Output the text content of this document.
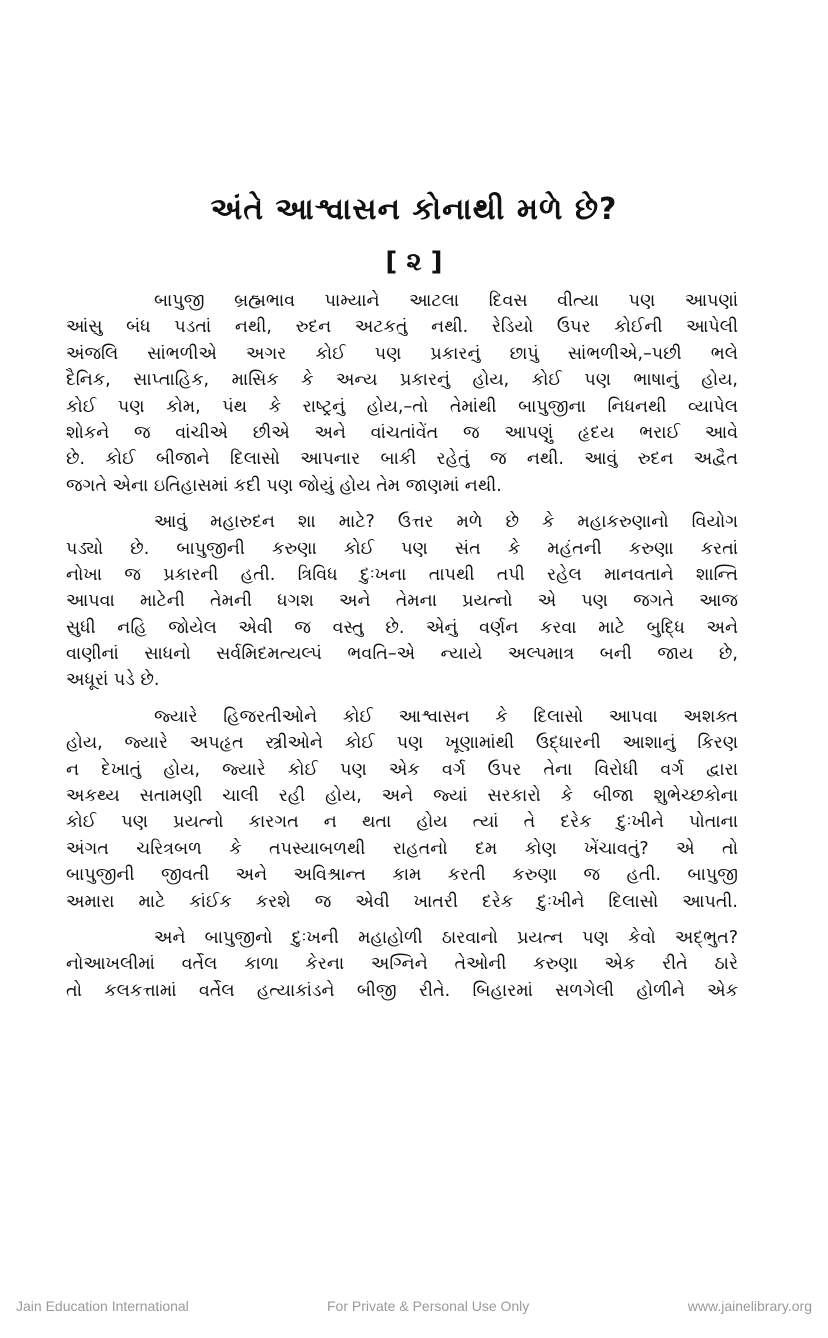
અંતે આશ્વાસન કોનાથી મળે છે?
[ ૨ ]

બાપુજી બ્રહ્મભાવ પામ્યાને આટલા દિવસ વીત્યા પણ આપણાં
આંસુ બંધ પડતાં નથી, રુદન અટકતું નથી. રેડિયો ઉપર કોઈની આપેલી
અંજલિ સાંભળીએ અગર કોઈ પણ પ્રકારનું છાપું સાંભળીએ,–પછી ભલે
દૈનિક, સાપ્તાહિક, માસિક કે અન્ય પ્રકારનું હોય, કોઈ પણ ભાષાનું હોય,
કોઈ પણ કોમ, પંથ કે રાષ્ટ્રનું હોય,–તો તેમાંથી બાપુજીના નિધનથી વ્યાપેલ
શોકને જ વાંચીએ છીએ અને વાંચતાંવેંત જ આપણું હૃદય ભરાઈ આવે
છે. કોઈ બીજાને દિલાસો આપનાર બાકી રહેતું જ નથી. આવું રુદન અદ્વૈત
જગતે એના ઇતિહાસમાં કદી પણ જોયું હોય તેમ જાણમાં નથી.

આવું મહારુદન શા માટે? ઉત્તર મળે છે કે મહાકરુણાનો વિયોગ
પડ્યો છે. બાપુજીની કરુણા કોઈ પણ સંત કે મહંતની કરુણા કરતાં
નોખા જ પ્રકારની હતી. ત્રિવિધ દુઃખના તાપથી તપી રહેલ માનવતાને શાન્તિ
આપવા માટેની તેમની ધગશ અને તેમના પ્રયત્નો એ પણ જગતે આજ
સુધી નહિ જોયેલ એવી જ વસ્તુ છે. એનું વર્ણન કરવા માટે બુદ્ધિ અને
વાણીનાં સાધનો સર્વમિદમત્યલ્પં ભવતિ–એ ન્યાયે અલ્પમાત્ર બની જાય છે,
અધૂરાં પડે છે.

જ્યારે હિજરતીઓને કોઈ આશ્વાસન કે દિલાસો આપવા અશક્ત
હોય, જ્યારે અપહૃત સ્ત્રીઓને કોઈ પણ ખૂણામાંથી ઉદ્ધારની આશાનું કિરણ
ન દેખાતું હોય, જ્યારે કોઈ પણ એક વર્ગ ઉપર તેના વિરોધી વર્ગ દ્વારા
અકથ્ય સતામણી ચાલી રહી હોય, અને જ્યાં સરકારો કે બીજા શુભેચ્છકોના
કોઈ પણ પ્રયત્નો કારગત ન થતા હોય ત્યાં તે દરેક દુઃખીને પોતાના
અંગત ચરિત્રબળ કે તપસ્યાબળથી રાહતનો દમ કોણ ખેંચાવતું? એ તો
બાપુજીની જીવતી અને અવિશ્રાન્ત કામ કરતી કરુણા જ હતી. બાપુજી
અમારા માટે કાંઈક કરશે જ એવી ખાતરી દરેક દુઃખીને દિલાસો આપતી.

અને બાપુજીનો દુઃખની મહાહોળી ઠારવાનો પ્રયત્ન પણ કેવો અદ્ભુત?
નોઆખલીમાં વર્તેલ કાળા કેરના અગ્નિને તેઓની કરુણા એક રીતે ઠારે
તો કલકત્તામાં વર્તેલ હત્યાકાંડને બીજી રીતે. બિહારમાં સળગેલી હોળીને એક

Jain Education International	For Private & Personal Use Only	www.jainelibrary.org
